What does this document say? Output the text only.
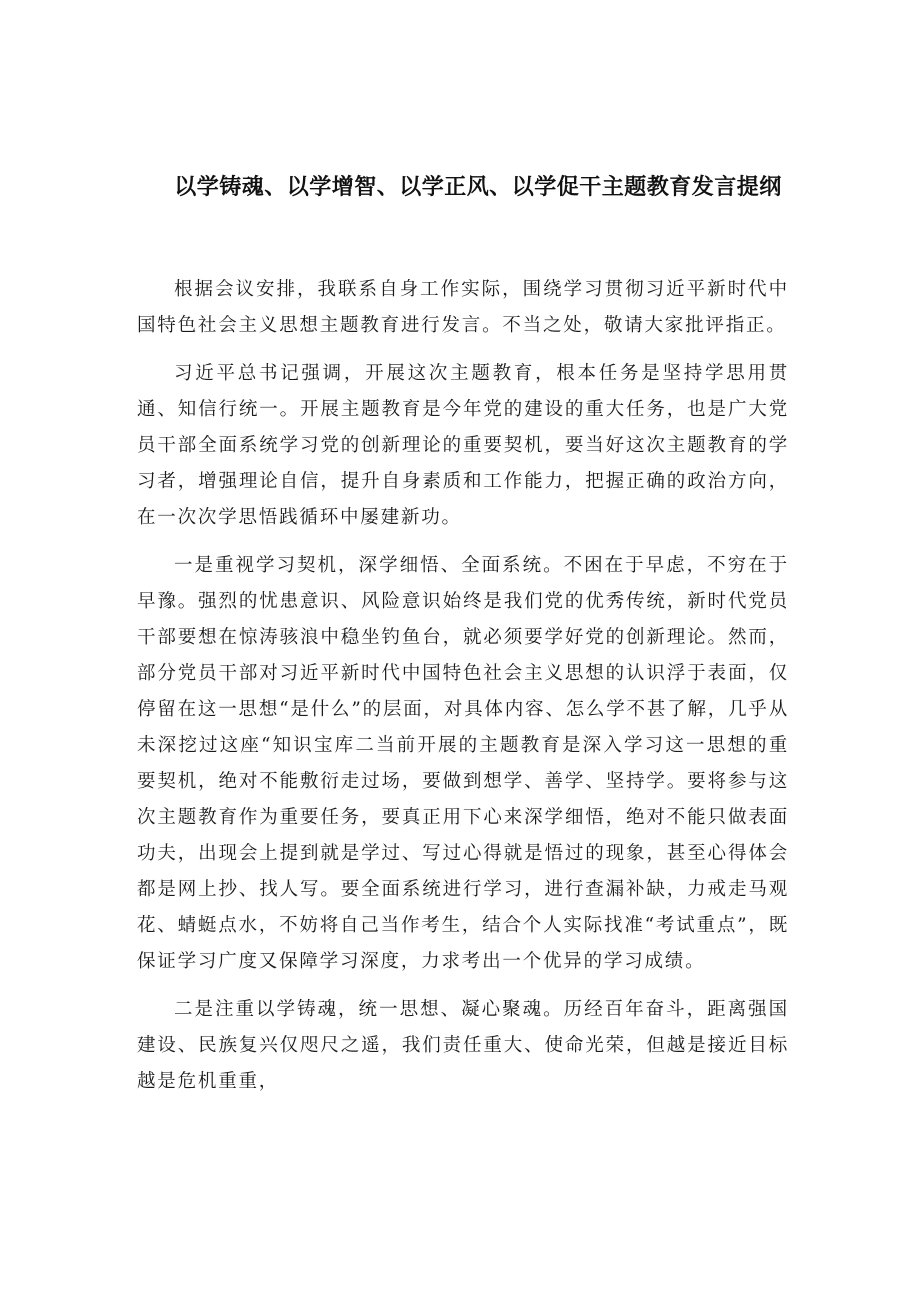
以学铸魂、以学增智、以学正风、以学促干主题教育发言提纲

根据会议安排，我联系自身工作实际，围绕学习贯彻习近平新时代中国特色社会主义思想主题教育进行发言。不当之处，敬请大家批评指正。

习近平总书记强调，开展这次主题教育，根本任务是坚持学思用贯通、知信行统一。开展主题教育是今年党的建设的重大任务，也是广大党员干部全面系统学习党的创新理论的重要契机，要当好这次主题教育的学习者，增强理论自信，提升自身素质和工作能力，把握正确的政治方向，在一次次学思悟践循环中屡建新功。

一是重视学习契机，深学细悟、全面系统。不困在于早虑，不穷在于早豫。强烈的忧患意识、风险意识始终是我们党的优秀传统，新时代党员干部要想在惊涛骇浪中稳坐钓鱼台，就必须要学好党的创新理论。然而，部分党员干部对习近平新时代中国特色社会主义思想的认识浮于表面，仅停留在这一思想“是什么”的层面，对具体内容、怎么学不甚了解，几乎从未深挖过这座“知识宝库二当前开展的主题教育是深入学习这一思想的重要契机，绝对不能敷衍走过场，要做到想学、善学、坚持学。要将参与这次主题教育作为重要任务，要真正用下心来深学细悟，绝对不能只做表面功夫，出现会上提到就是学过、写过心得就是悟过的现象，甚至心得体会都是网上抄、找人写。要全面系统进行学习，进行查漏补缺，力戒走马观花、蜻蜓点水，不妨将自己当作考生，结合个人实际找准“考试重点”，既保证学习广度又保障学习深度，力求考出一个优异的学习成绩。

二是注重以学铸魂，统一思想、凝心聚魂。历经百年奋斗，距离强国建设、民族复兴仅咫尺之遥，我们责任重大、使命光荣，但越是接近目标越是危机重重，
